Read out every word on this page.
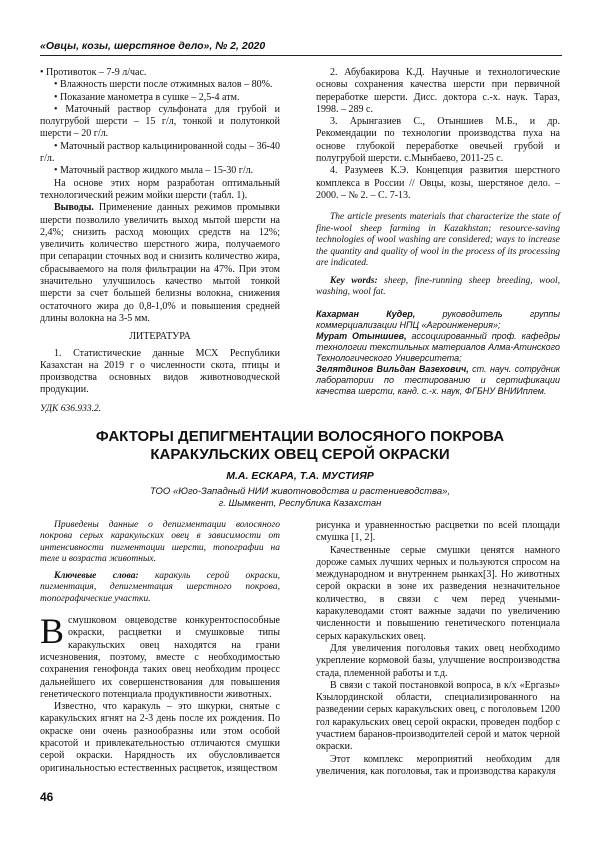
«Овцы, козы, шерстяное дело», № 2, 2020

• Противоток – 7-9 л/час.

• Влажность шерсти после отжимных валов – 80%.

• Показание манометра в сушке – 2,5-4 атм.

• Маточный раствор сульфоната для грубой и полугрубой шерсти – 15 г/л, тонкой и полутонкой шерсти – 20 г/л.

• Маточный раствор кальцинированной соды – 36-40 г/л.

• Маточный раствор жидкого мыла – 15-30 г/л.

На основе этих норм разработан оптимальный технологический режим мойки шерсти (табл. 1).

Выводы. Применение данных режимов промывки шерсти позволило увеличить выход мытой шерсти на 2,4%; снизить расход моющих средств на 12%; увеличить количество шерстного жира, получаемого при сепарации сточных вод и снизить количество жира, сбрасываемого на поля фильтрации на 47%. При этом значительно улучшилось качество мытой тонкой шерсти за счет большей белизны волокна, снижения остаточного жира до 0,8-1,0% и повышения средней длины волокна на 3-5 мм.

ЛИТЕРАТУРА

1. Статистические данные МСХ Республики Казахстан на 2019 г о численности скота, птицы и производства основных видов животноводческой продукции.

2. Абубакирова К.Д. Научные и технологические основы сохранения качества шерсти при первичной переработке шерсти. Дисс. доктора с.-х. наук. Тараз, 1998. – 289 с.

3. Арынгазиев С., Отыншиев М.Б., и др. Рекомендации по технологии производства пуха на основе глубокой переработке овечьей грубой и полугрубой шерсти. с.Мынбаево, 2011-25 с.

4. Разумеев К.Э. Концепция развития шерстного комплекса в России // Овцы, козы, шерстяное дело. – 2000. – № 2. – С. 7-13.

The article presents materials that characterize the state of fine-wool sheep farming in Kazakhstan; resource-saving technologies of wool washing are considered; ways to increase the quantity and quality of wool in the process of its processing are indicated.

Key words: sheep, fine-running sheep breeding, wool, washing, wool fat.

Кахарман Кудер, руководитель группы коммерциализации НПЦ «Агроинженерия»;

Мурат Отыншиев, ассоциированный проф. кафедры технологии текстильных материалов Алма-Атинского Технологического Университета;

Зелятдинов Вильдан Вазехович, ст. науч. сотрудник лаборатории по тестированию и сертификации качества шерсти, канд. с.-х. наук, ФГБНУ ВНИИплем.

УДК 636.933.2.
ФАКТОРЫ ДЕПИГМЕНТАЦИИ ВОЛОСЯНОГО ПОКРОВА
КАРАКУЛЬСКИХ ОВЕЦ СЕРОЙ ОКРАСКИ
М.А. ЕСКАРА, Т.А. МУСТИЯР
ТОО «Юго-Западный НИИ животноводства и растениеводства»,
г. Шымкент, Республика Казахстан

Приведены данные о депигментации волосяного покрова серых каракульских овец в зависимости от интенсивности пигментации шерсти, топографии на теле и возраста животных.

Ключевые слова: каракуль серой окраски, пигментация, депигментация шерстного покрова, топографические участки.

Всмушковом овцеводстве конкурентоспособные окраски, расцветки и смушковые типы каракульских овец находятся на грани исчезновения, поэтому, вместе с необходимостью сохранения генофонда таких овец необходим процесс дальнейшего их совершенствования для повышения генетического потенциала продуктивности животных.

Известно, что каракуль – это шкурки, снятые с каракульских ягнят на 2-3 день после их рождения. По окраске они очень разнообразны или этом особой красотой и привлекательностью отличаются смушки серой окраски. Нарядность их обусловливается оригинальностью естественных расцветок, изяществом

рисунка и уравненностью расцветки по всей площади смушка [1, 2].

Качественные серые смушки ценятся намного дороже самых лучших черных и пользуются спросом на международном и внутреннем рынках[3]. Но животных серой окраски в зоне их разведения незначительное количество, в связи с чем перед учеными-каракулеводами стоят важные задачи по увеличению численности и повышению генетического потенциала серых каракульских овец.

Для увеличения поголовья таких овец необходимо укрепление кормовой базы, улучшение воспроизводства стада, племенной работы и т.д.

В связи с такой постановкой вопроса, в к/х «Ергазы» Кзылординской области, специализированного на разведении серых каракульских овец, с поголовьем 1200 гол каракульских овец серой окраски, проведен подбор с участием баранов-производителей серой и маток черной окраски.

Этот комплекс мероприятий необходим для увеличения, как поголовья, так и производства каракуля

46
